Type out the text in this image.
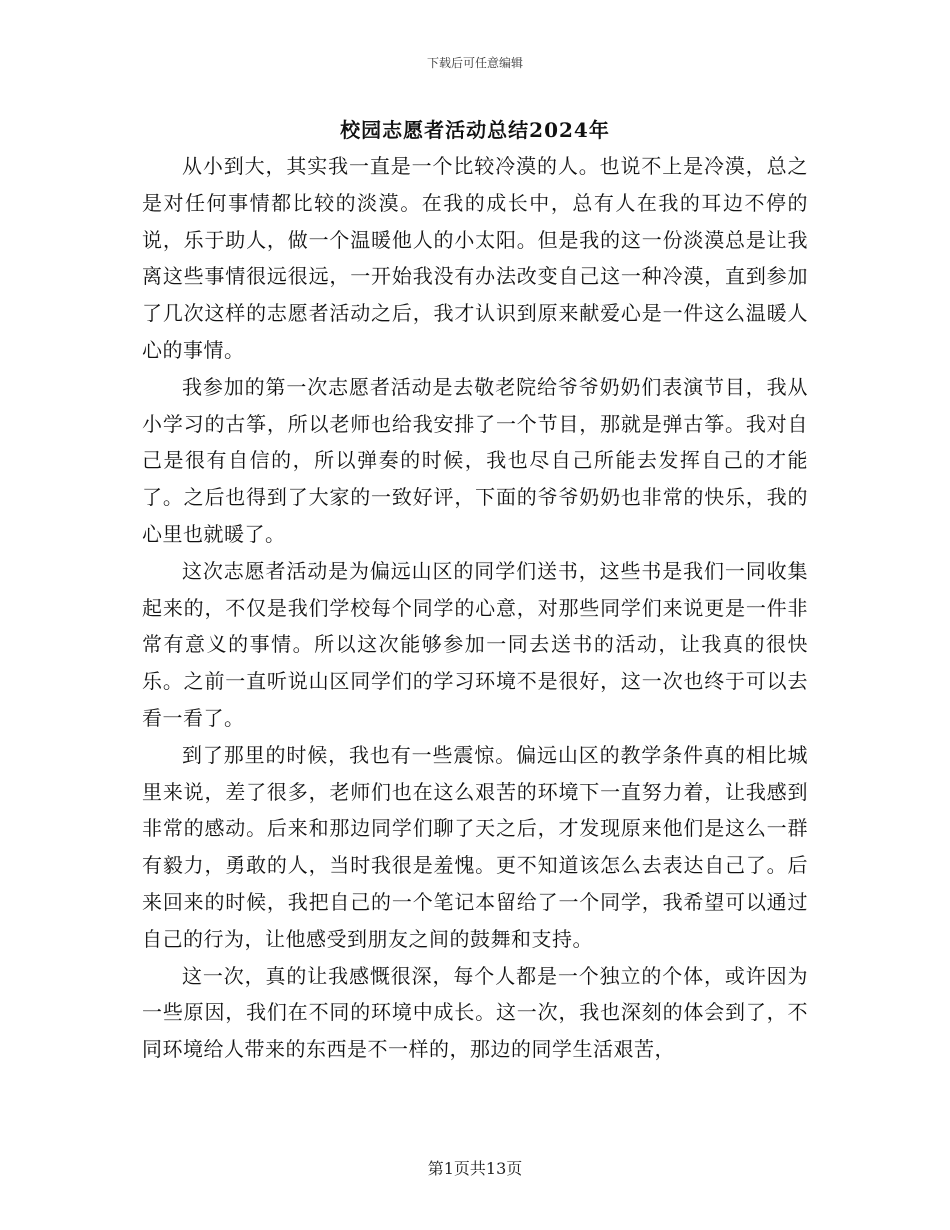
下载后可任意编辑
校园志愿者活动总结2024年

从小到大，其实我一直是一个比较冷漠的人。也说不上是冷漠，总之是对任何事情都比较的淡漠。在我的成长中，总有人在我的耳边不停的说，乐于助人，做一个温暖他人的小太阳。但是我的这一份淡漠总是让我离这些事情很远很远，一开始我没有办法改变自己这一种冷漠，直到参加了几次这样的志愿者活动之后，我才认识到原来献爱心是一件这么温暖人心的事情。

我参加的第一次志愿者活动是去敬老院给爷爷奶奶们表演节目，我从小学习的古筝，所以老师也给我安排了一个节目，那就是弹古筝。我对自己是很有自信的，所以弹奏的时候，我也尽自己所能去发挥自己的才能了。之后也得到了大家的一致好评，下面的爷爷奶奶也非常的快乐，我的心里也就暖了。

这次志愿者活动是为偏远山区的同学们送书，这些书是我们一同收集起来的，不仅是我们学校每个同学的心意，对那些同学们来说更是一件非常有意义的事情。所以这次能够参加一同去送书的活动，让我真的很快乐。之前一直听说山区同学们的学习环境不是很好，这一次也终于可以去看一看了。

到了那里的时候，我也有一些震惊。偏远山区的教学条件真的相比城里来说，差了很多，老师们也在这么艰苦的环境下一直努力着，让我感到非常的感动。后来和那边同学们聊了天之后，才发现原来他们是这么一群有毅力，勇敢的人，当时我很是羞愧。更不知道该怎么去表达自己了。后来回来的时候，我把自己的一个笔记本留给了一个同学，我希望可以通过自己的行为，让他感受到朋友之间的鼓舞和支持。

这一次，真的让我感慨很深，每个人都是一个独立的个体，或许因为一些原因，我们在不同的环境中成长。这一次，我也深刻的体会到了，不同环境给人带来的东西是不一样的，那边的同学生活艰苦，

第1页共13页
